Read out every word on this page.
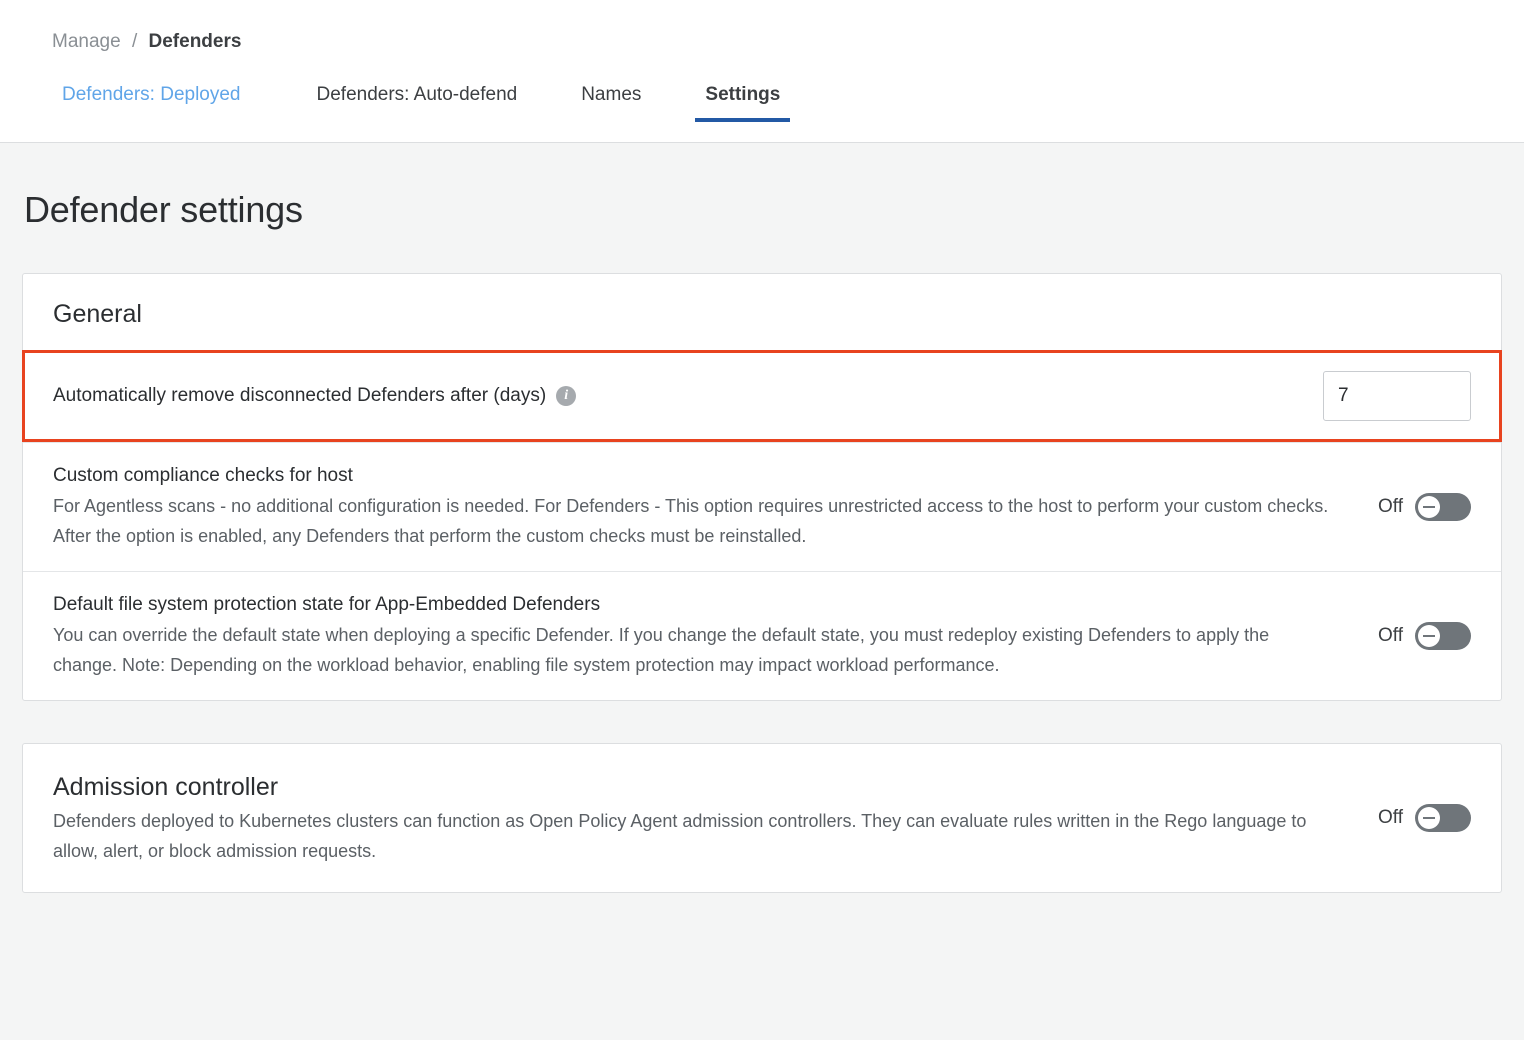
Manage / Defenders
Defenders: Deployed	Defenders: Auto-defend	Names	Settings
Defender settings
General
Automatically remove disconnected Defenders after (days)	i
7
Custom compliance checks for host
For Agentless scans - no additional configuration is needed. For Defenders - This option requires unrestricted access to the host to perform your custom checks. After the option is enabled, any Defenders that perform the custom checks must be reinstalled.
Off
Default file system protection state for App-Embedded Defenders
You can override the default state when deploying a specific Defender. If you change the default state, you must redeploy existing Defenders to apply the change. Note: Depending on the workload behavior, enabling file system protection may impact workload performance.
Off
Admission controller
Defenders deployed to Kubernetes clusters can function as Open Policy Agent admission controllers. They can evaluate rules written in the Rego language to allow, alert, or block admission requests.
Off
